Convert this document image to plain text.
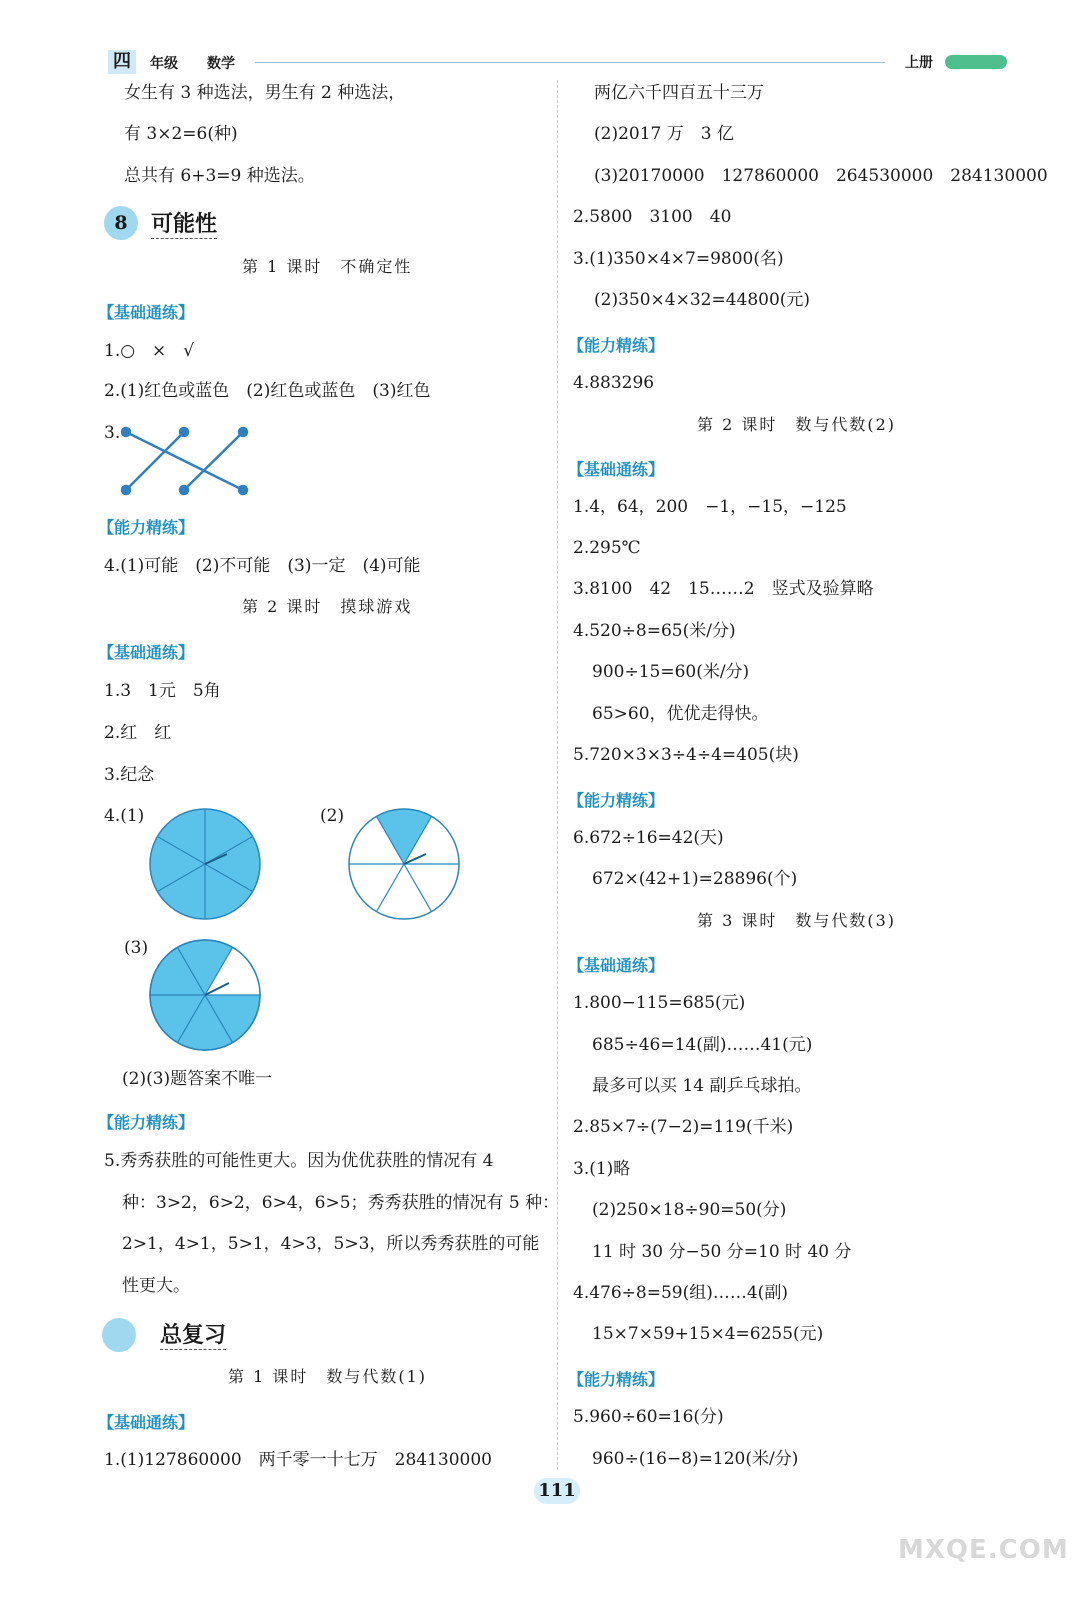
四	年级 数学	上册
女生有 3 种选法，男生有 2 种选法，
有 3×2=6(种)
总共有 6+3=9 种选法。
8	可能性
第 1 课时　不确定性
【基础通练】
1.○　×　√
2.(1)红色或蓝色　(2)红色或蓝色　(3)红色
3.
【能力精练】
4.(1)可能　(2)不可能　(3)一定　(4)可能
第 2 课时　摸球游戏
【基础通练】
1.3　1元　5角
2.红　红
3.纪念
4.(1)	(2)
(3)
(2)(3)题答案不唯一
【能力精练】
5.秀秀获胜的可能性更大。因为优优获胜的情况有 4
种：3>2，6>2，6>4，6>5；秀秀获胜的情况有 5 种：
2>1，4>1，5>1，4>3，5>3，所以秀秀获胜的可能
性更大。
总复习
第 1 课时　数与代数(1)
【基础通练】
1.(1)127860000　两千零一十七万　284130000
两亿六千四百五十三万
(2)2017 万　3 亿
(3)20170000　127860000　264530000　284130000
2.5800　3100　40
3.(1)350×4×7=9800(名)
(2)350×4×32=44800(元)
【能力精练】
4.883296
第 2 课时　数与代数(2)
【基础通练】
1.4，64，200　−1，−15，−125
2.295℃
3.8100　42　15……2　竖式及验算略
4.520÷8=65(米/分)
900÷15=60(米/分)
65>60，优优走得快。
5.720×3×3÷4÷4=405(块)
【能力精练】
6.672÷16=42(天)
672×(42+1)=28896(个)
第 3 课时　数与代数(3)
【基础通练】
1.800−115=685(元)
685÷46=14(副)……41(元)
最多可以买 14 副乒乓球拍。
2.85×7÷(7−2)=119(千米)
3.(1)略
(2)250×18÷90=50(分)
11 时 30 分−50 分=10 时 40 分
4.476÷8=59(组)……4(副)
15×7×59+15×4=6255(元)
【能力精练】
5.960÷60=16(分)
960÷(16−8)=120(米/分)
111
MXQE.COM
